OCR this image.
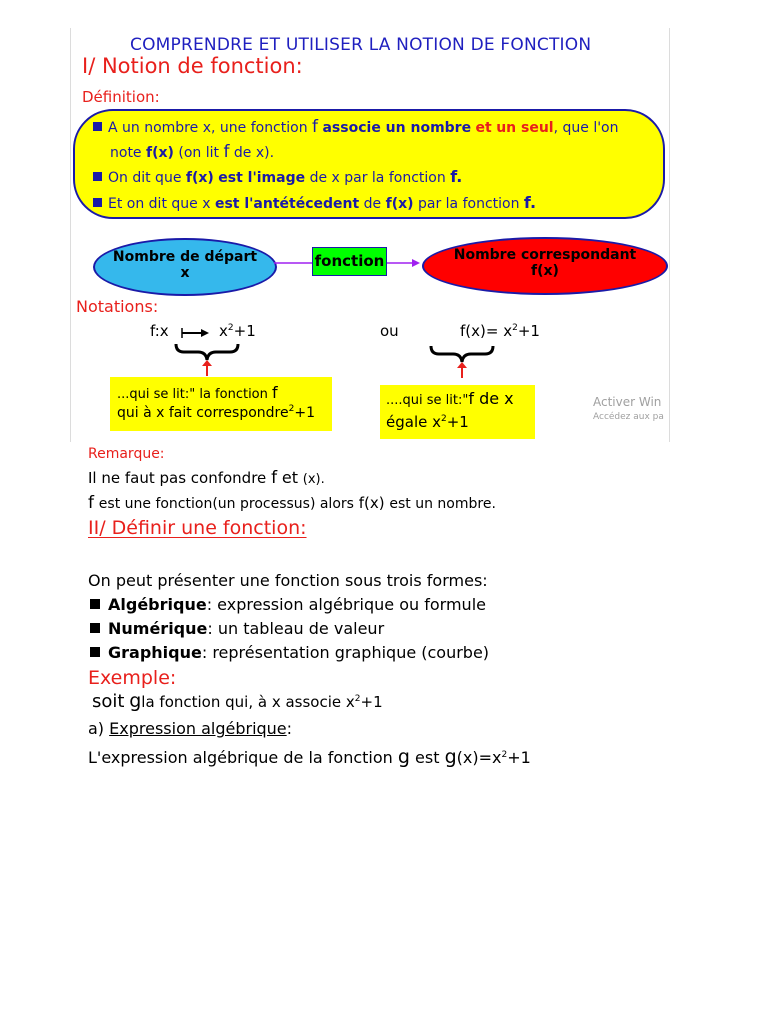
COMPRENDRE ET UTILISER LA NOTION DE FONCTION
I/ Notion de fonction:
Définition:
A un nombre x, une fonction f associe un nombre et un seul, que l'on
note f(x) (on lit f de x).
On dit que f(x) est l'image de x par la fonction f.
Et on dit que x est l'antétécedent de f(x) par la fonction f.
Nombre de départ
x
fonction	Nombre correspondant
f(x)
Notations:
f:x	$x^2+1$	ou	$f(x)= x^2+1$
...qui se lit:" la fonction f
qui à x fait correspondre$^2$+1
....qui se lit:"f de x
égale $x^2+1$
Activer Win
Accédez aux pa
Remarque:
Il ne faut pas confondre f et (x).
f est une fonction(un processus) alors f(x) est un nombre.
II/ Définir une fonction:
On peut présenter une fonction sous trois formes:
Algébrique: expression algébrique ou formule
Numérique: un tableau de valeur
Graphique: représentation graphique (courbe)
Exemple:
soit gla fonction qui, à x associe $x^2+1$
a) Expression algébrique:
L'expression algébrique de la fonction g est $g(x)=x^2+1$
